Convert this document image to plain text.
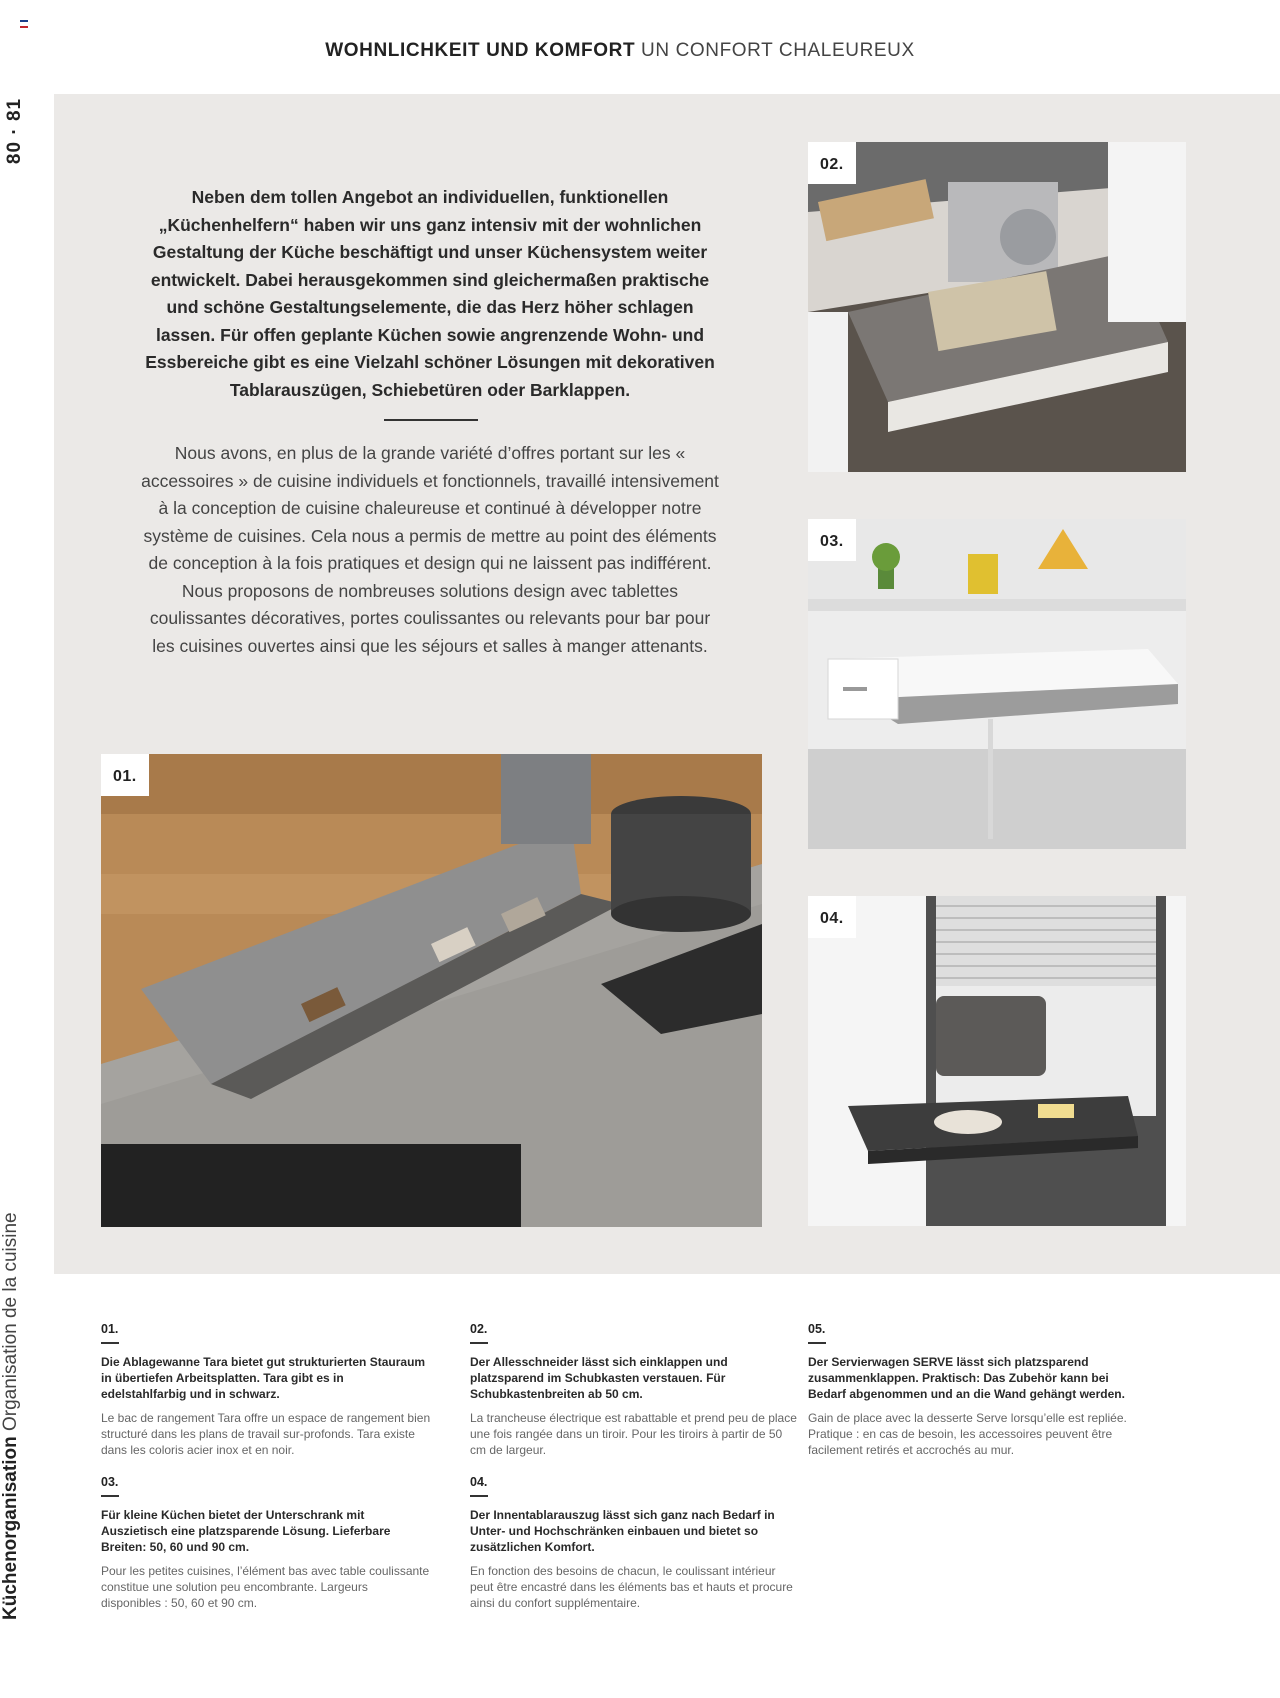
80 · 81
Küchenorganisation Organisation de la cuisine
WOHNLICHKEIT UND KOMFORT UN CONFORT CHALEUREUX
Neben dem tollen Angebot an individuellen, funktionellen „Küchenhelfern“ haben wir uns ganz intensiv mit der wohnlichen Gestaltung der Küche beschäftigt und unser Küchensystem weiter entwickelt. Dabei herausgekommen sind gleichermaßen praktische und schöne Gestaltungselemente, die das Herz höher schlagen lassen. Für offen geplante Küchen sowie angrenzende Wohn- und Essbereiche gibt es eine Vielzahl schöner Lösungen mit dekorativen Tablarauszügen, Schiebetüren oder Barklappen.
Nous avons, en plus de la grande variété d’offres portant sur les « accessoires » de cuisine individuels et fonctionnels, travaillé intensivement à la conception de cuisine chaleureuse et continué à développer notre système de cuisines. Cela nous a permis de mettre au point des éléments de conception à la fois pratiques et design qui ne laissent pas indifférent. Nous proposons de nombreuses solutions design avec tablettes coulissantes décoratives, portes coulissantes ou relevants pour bar pour les cuisines ouvertes ainsi que les séjours et salles à manger attenants.
01.
02.
03.
04.
01.
Die Ablagewanne Tara bietet gut strukturierten Stauraum in übertiefen Arbeitsplatten. Tara gibt es in edelstahlfarbig und in schwarz.
Le bac de rangement Tara offre un espace de rangement bien structuré dans les plans de travail sur-profonds. Tara existe dans les coloris acier inox et en noir.
02.
Der Allesschneider lässt sich einklappen und platzsparend im Schubkasten verstauen. Für Schubkastenbreiten ab 50 cm.
La trancheuse électrique est rabattable et prend peu de place une fois rangée dans un tiroir. Pour les tiroirs à partir de 50 cm de largeur.
05.
Der Servierwagen SERVE lässt sich platzsparend zusammenklappen. Praktisch: Das Zubehör kann bei Bedarf abgenommen und an die Wand gehängt werden.
Gain de place avec la desserte Serve lorsqu’elle est repliée. Pratique : en cas de besoin, les accessoires peuvent être facilement retirés et accrochés au mur.
03.
Für kleine Küchen bietet der Unterschrank mit Auszietisch eine platzsparende Lösung. Lieferbare Breiten: 50, 60 und 90 cm.
Pour les petites cuisines, l’élément bas avec table coulissante constitue une solution peu encombrante. Largeurs disponibles : 50, 60 et 90 cm.
04.
Der Innentablarauszug lässt sich ganz nach Bedarf in Unter- und Hochschränken einbauen und bietet so zusätzlichen Komfort.
En fonction des besoins de chacun, le coulissant intérieur peut être encastré dans les éléments bas et hauts et procure ainsi du confort supplémentaire.
